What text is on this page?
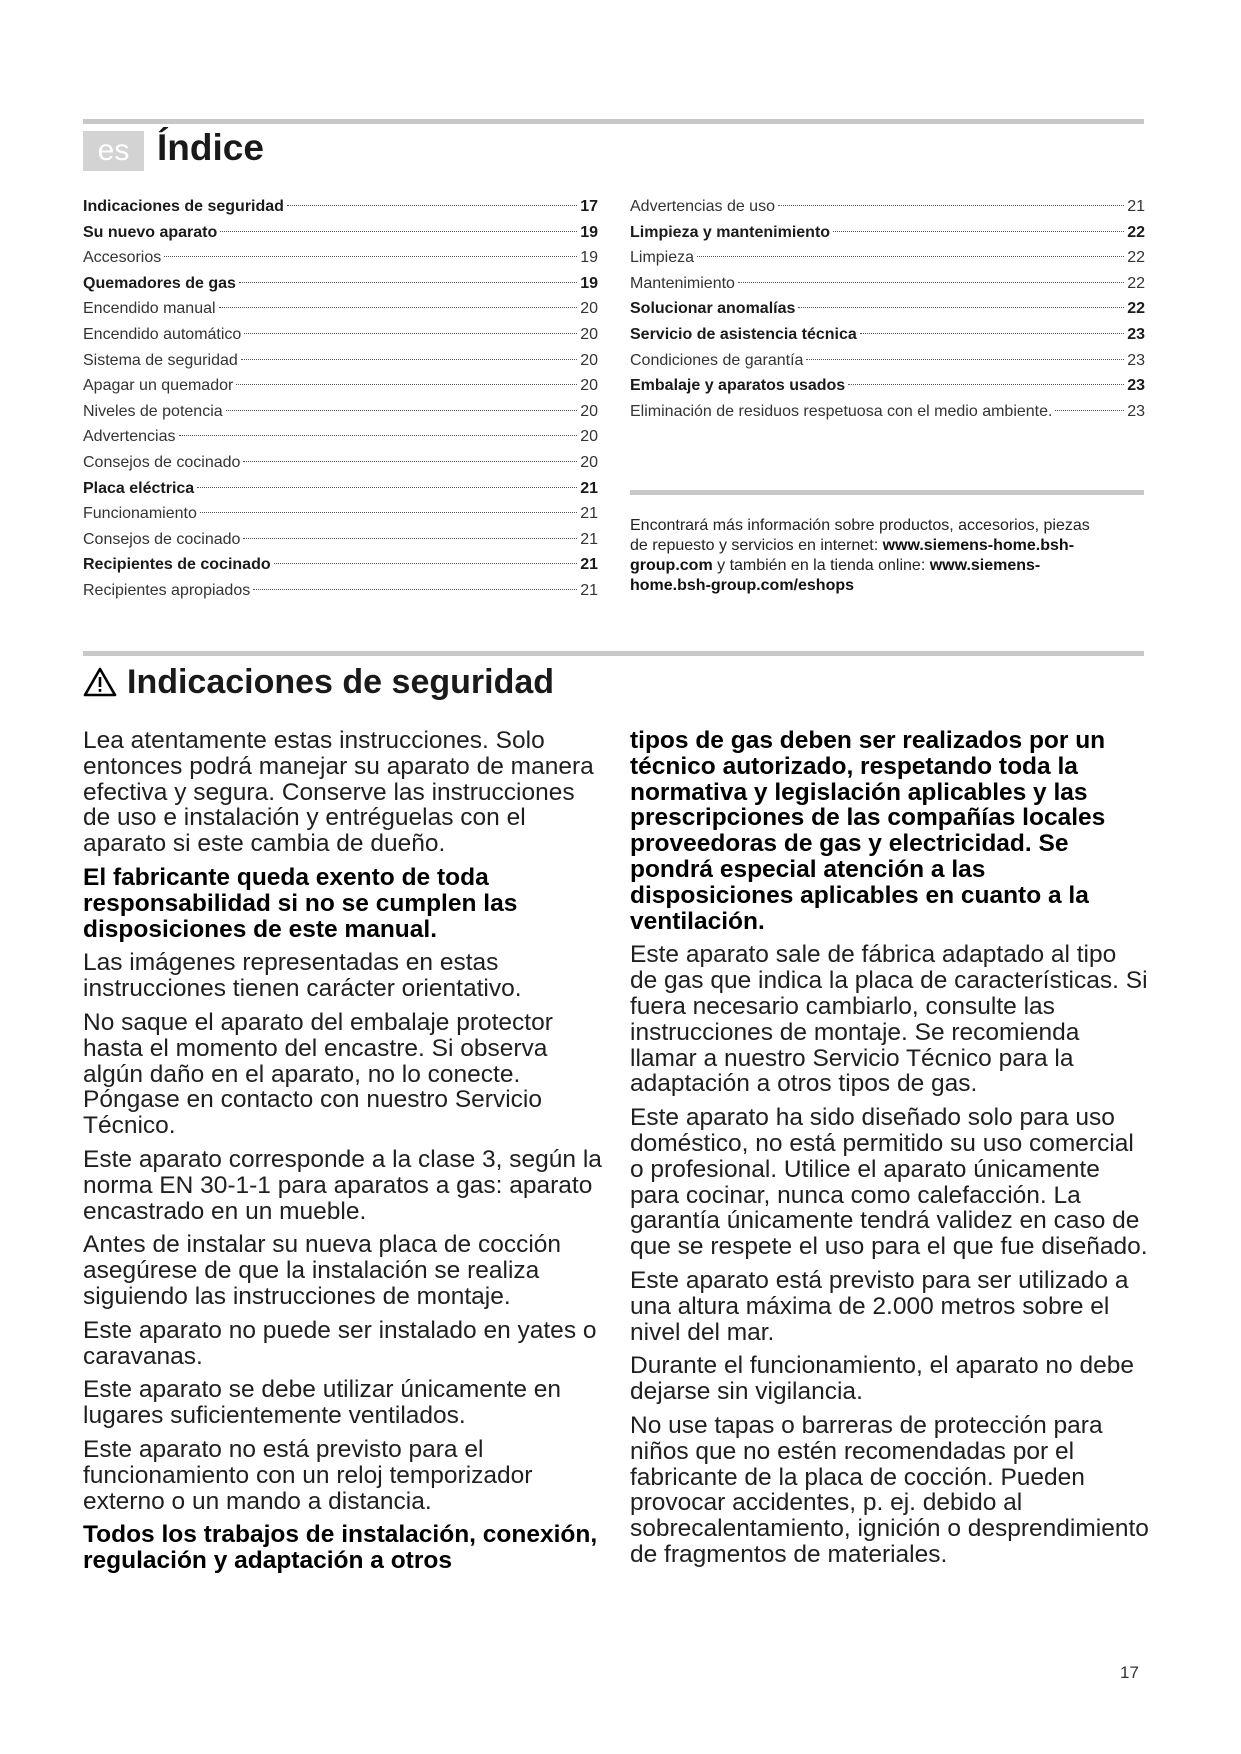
es Índice
Indicaciones de seguridad	17
Su nuevo aparato	19
Accesorios	19
Quemadores de gas	19
Encendido manual	20
Encendido automático	20
Sistema de seguridad	20
Apagar un quemador	20
Niveles de potencia	20
Advertencias	20
Consejos de cocinado	20
Placa eléctrica	21
Funcionamiento	21
Consejos de cocinado	21
Recipientes de cocinado	21
Recipientes apropiados	21
Advertencias de uso	21
Limpieza y mantenimiento	22
Limpieza	22
Mantenimiento	22
Solucionar anomalías	22
Servicio de asistencia técnica	23
Condiciones de garantía	23
Embalaje y aparatos usados	23
Eliminación de residuos respetuosa con el medio ambiente.	23
Encontrará más información sobre productos, accesorios, piezas de repuesto y servicios en internet: www.siemens-home.bsh-group.com y también en la tienda online: www.siemens-home.bsh-group.com/eshops
Indicaciones de seguridad

Lea atentamente estas instrucciones. Solo entonces podrá manejar su aparato de manera efectiva y segura. Conserve las instrucciones de uso e instalación y entréguelas con el aparato si este cambia de dueño.

El fabricante queda exento de toda responsabilidad si no se cumplen las disposiciones de este manual.

Las imágenes representadas en estas instrucciones tienen carácter orientativo.

No saque el aparato del embalaje protector hasta el momento del encastre. Si observa algún daño en el aparato, no lo conecte. Póngase en contacto con nuestro Servicio Técnico.

Este aparato corresponde a la clase 3, según la norma EN 30-1-1 para aparatos a gas: aparato encastrado en un mueble.

Antes de instalar su nueva placa de cocción asegúrese de que la instalación se realiza siguiendo las instrucciones de montaje.

Este aparato no puede ser instalado en yates o caravanas.

Este aparato se debe utilizar únicamente en lugares suficientemente ventilados.

Este aparato no está previsto para el funcionamiento con un reloj temporizador externo o un mando a distancia.

Todos los trabajos de instalación, conexión, regulación y adaptación a otros

tipos de gas deben ser realizados por un técnico autorizado, respetando toda la normativa y legislación aplicables y las prescripciones de las compañías locales proveedoras de gas y electricidad. Se pondrá especial atención a las disposiciones aplicables en cuanto a la ventilación.

Este aparato sale de fábrica adaptado al tipo de gas que indica la placa de características. Si fuera necesario cambiarlo, consulte las instrucciones de montaje. Se recomienda llamar a nuestro Servicio Técnico para la adaptación a otros tipos de gas.

Este aparato ha sido diseñado solo para uso doméstico, no está permitido su uso comercial o profesional. Utilice el aparato únicamente para cocinar, nunca como calefacción. La garantía únicamente tendrá validez en caso de que se respete el uso para el que fue diseñado.

Este aparato está previsto para ser utilizado a una altura máxima de 2.000 metros sobre el nivel del mar.

Durante el funcionamiento, el aparato no debe dejarse sin vigilancia.

No use tapas o barreras de protección para niños que no estén recomendadas por el fabricante de la placa de cocción. Pueden provocar accidentes, p. ej. debido al sobrecalentamiento, ignición o desprendimiento de fragmentos de materiales.

17
